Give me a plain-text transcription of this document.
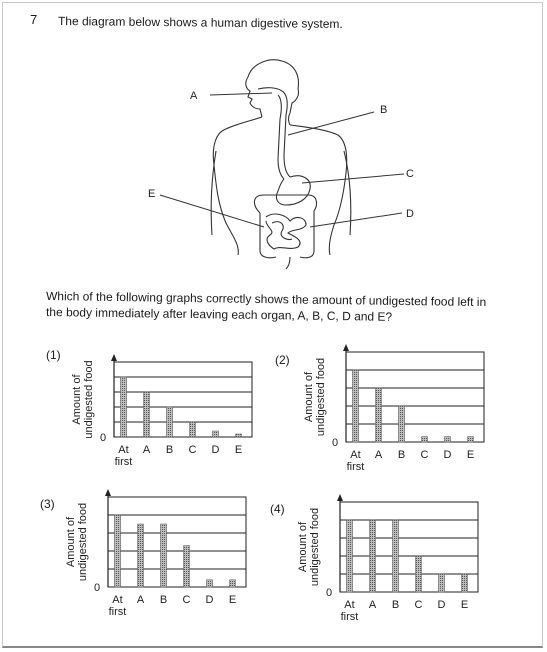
7 The diagram below shows a human digestive system.
A
B
C
D
E
Which of the following graphs correctly shows the amount of undigested food left in
the body immediately after leaving each organ, A, B, C, D and E?
(1)	(2)
(3)	(4)
Amount ofundigested food 0
At first
A B C D E
Amount ofundigested food
0
At first
A B C D E
Amount ofundigested food
0
At first
A B C D E
Amount ofundigested food
0
At first
A B C D E
